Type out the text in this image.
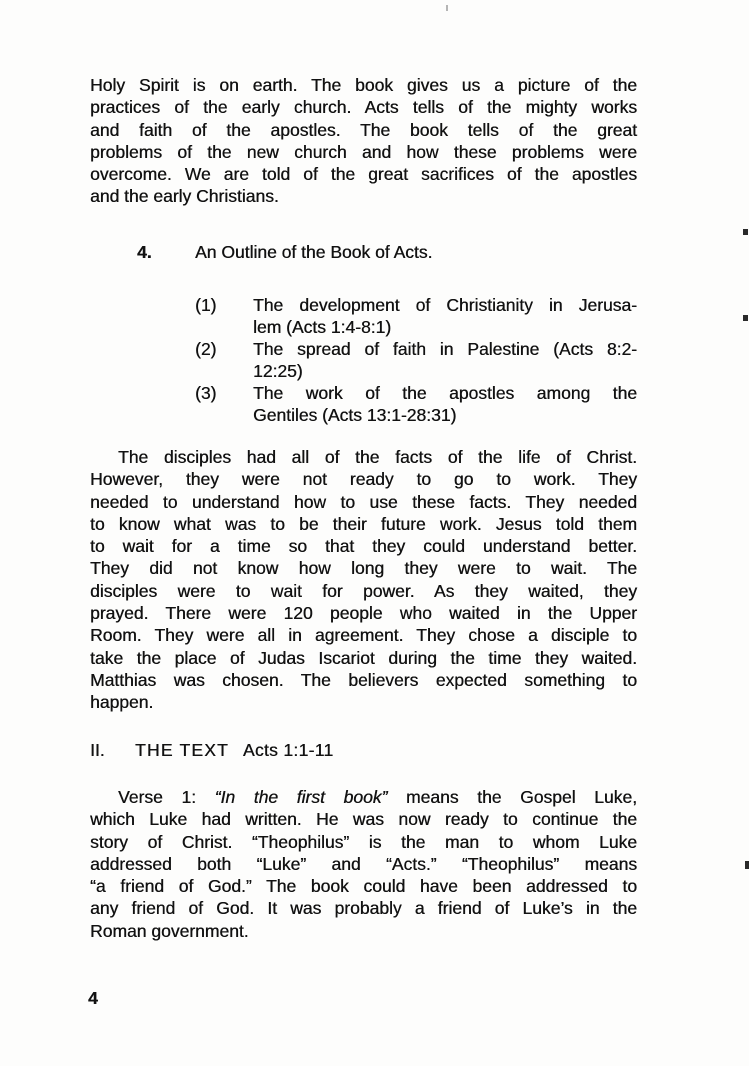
Holy Spirit is on earth. The book gives us a picture of the
practices of the early church. Acts tells of the mighty works
and faith of the apostles. The book tells of the great
problems of the new church and how these problems were
overcome. We are told of the great sacrifices of the apostles
and the early Christians.
4. An Outline of the Book of Acts.
(1) The development of Christianity in Jerusa-
lem (Acts 1:4-8:1)
(2) The spread of faith in Palestine (Acts 8:2-
12:25)
(3) The work of the apostles among the
Gentiles (Acts 13:1-28:31)
The disciples had all of the facts of the life of Christ.
However, they were not ready to go to work. They
needed to understand how to use these facts. They needed
to know what was to be their future work. Jesus told them
to wait for a time so that they could understand better.
They did not know how long they were to wait. The
disciples were to wait for power. As they waited, they
prayed. There were 120 people who waited in the Upper
Room. They were all in agreement. They chose a disciple to
take the place of Judas Iscariot during the time they waited.
Matthias was chosen. The believers expected something to
happen.
II. THE TEXT Acts 1:1-11
Verse 1: “In the first book” means the Gospel Luke,
which Luke had written. He was now ready to continue the
story of Christ. “Theophilus” is the man to whom Luke
addressed both “Luke” and “Acts.” “Theophilus” means
“a friend of God.” The book could have been addressed to
any friend of God. It was probably a friend of Luke’s in the
Roman government.
4
